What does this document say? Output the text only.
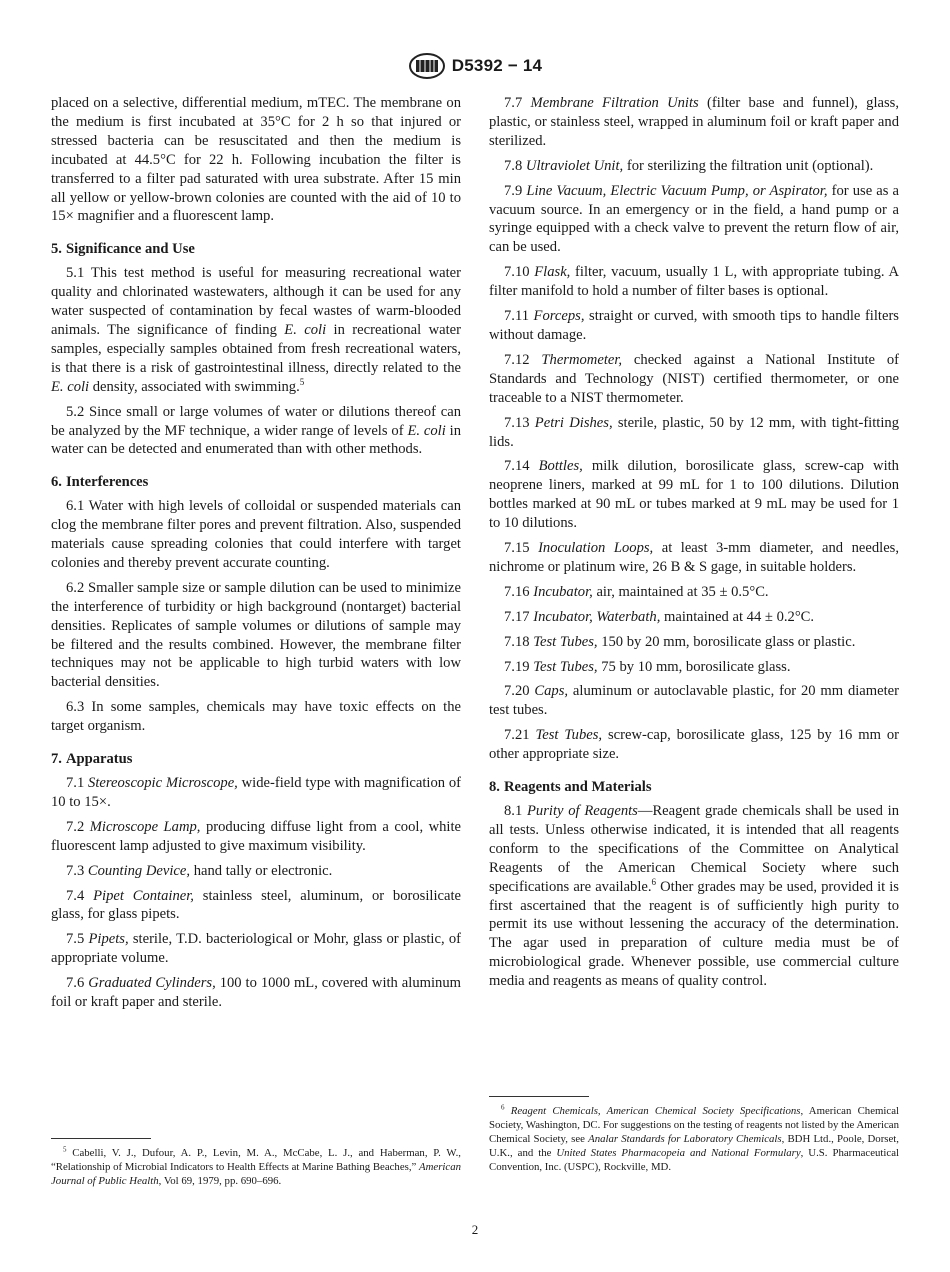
D5392 − 14

placed on a selective, differential medium, mTEC. The membrane on the medium is first incubated at 35°C for 2 h so that injured or stressed bacteria can be resuscitated and then the medium is incubated at 44.5°C for 22 h. Following incubation the filter is transferred to a filter pad saturated with urea substrate. After 15 min all yellow or yellow-brown colonies are counted with the aid of 10 to 15× magnifier and a fluorescent lamp.

5. Significance and Use

5.1 This test method is useful for measuring recreational water quality and chlorinated wastewaters, although it can be used for any water suspected of contamination by fecal wastes of warm-blooded animals. The significance of finding E. coli in recreational water samples, especially samples obtained from fresh recreational waters, is that there is a risk of gastrointestinal illness, directly related to the E. coli density, associated with swimming.$^5$

5.2 Since small or large volumes of water or dilutions thereof can be analyzed by the MF technique, a wider range of levels of E. coli in water can be detected and enumerated than with other methods.

6. Interferences

6.1 Water with high levels of colloidal or suspended materials can clog the membrane filter pores and prevent filtration. Also, suspended materials cause spreading colonies that could interfere with target colonies and thereby prevent accurate counting.

6.2 Smaller sample size or sample dilution can be used to minimize the interference of turbidity or high background (nontarget) bacterial densities. Replicates of sample volumes or dilutions of sample may be filtered and the results combined. However, the membrane filter techniques may not be applicable to high turbid waters with low bacterial densities.

6.3 In some samples, chemicals may have toxic effects on the target organism.

7. Apparatus

7.1 Stereoscopic Microscope, wide-field type with magnification of 10 to 15×.

7.2 Microscope Lamp, producing diffuse light from a cool, white fluorescent lamp adjusted to give maximum visibility.

7.3 Counting Device, hand tally or electronic.

7.4 Pipet Container, stainless steel, aluminum, or borosilicate glass, for glass pipets.

7.5 Pipets, sterile, T.D. bacteriological or Mohr, glass or plastic, of appropriate volume.

7.6 Graduated Cylinders, 100 to 1000 mL, covered with aluminum foil or kraft paper and sterile.

$^5$ Cabelli, V. J., Dufour, A. P., Levin, M. A., McCabe, L. J., and Haberman, P. W., “Relationship of Microbial Indicators to Health Effects at Marine Bathing Beaches,” American Journal of Public Health, Vol 69, 1979, pp. 690–696.

7.7 Membrane Filtration Units (filter base and funnel), glass, plastic, or stainless steel, wrapped in aluminum foil or kraft paper and sterilized.

7.8 Ultraviolet Unit, for sterilizing the filtration unit (optional).

7.9 Line Vacuum, Electric Vacuum Pump, or Aspirator, for use as a vacuum source. In an emergency or in the field, a hand pump or a syringe equipped with a check valve to prevent the return flow of air, can be used.

7.10 Flask, filter, vacuum, usually 1 L, with appropriate tubing. A filter manifold to hold a number of filter bases is optional.

7.11 Forceps, straight or curved, with smooth tips to handle filters without damage.

7.12 Thermometer, checked against a National Institute of Standards and Technology (NIST) certified thermometer, or one traceable to a NIST thermometer.

7.13 Petri Dishes, sterile, plastic, 50 by 12 mm, with tight-fitting lids.

7.14 Bottles, milk dilution, borosilicate glass, screw-cap with neoprene liners, marked at 99 mL for 1 to 100 dilutions. Dilution bottles marked at 90 mL or tubes marked at 9 mL may be used for 1 to 10 dilutions.

7.15 Inoculation Loops, at least 3-mm diameter, and needles, nichrome or platinum wire, 26 B & S gage, in suitable holders.

7.16 Incubator, air, maintained at 35 ± 0.5°C.

7.17 Incubator, Waterbath, maintained at 44 ± 0.2°C.

7.18 Test Tubes, 150 by 20 mm, borosilicate glass or plastic.

7.19 Test Tubes, 75 by 10 mm, borosilicate glass.

7.20 Caps, aluminum or autoclavable plastic, for 20 mm diameter test tubes.

7.21 Test Tubes, screw-cap, borosilicate glass, 125 by 16 mm or other appropriate size.

8. Reagents and Materials

8.1 Purity of Reagents—Reagent grade chemicals shall be used in all tests. Unless otherwise indicated, it is intended that all reagents conform to the specifications of the Committee on Analytical Reagents of the American Chemical Society where such specifications are available.$^6$ Other grades may be used, provided it is first ascertained that the reagent is of sufficiently high purity to permit its use without lessening the accuracy of the determination. The agar used in preparation of culture media must be of microbiological grade. Whenever possible, use commercial culture media and reagents as means of quality control.

$^6$ Reagent Chemicals, American Chemical Society Specifications, American Chemical Society, Washington, DC. For suggestions on the testing of reagents not listed by the American Chemical Society, see Analar Standards for Laboratory Chemicals, BDH Ltd., Poole, Dorset, U.K., and the United States Pharmacopeia and National Formulary, U.S. Pharmaceutical Convention, Inc. (USPC), Rockville, MD.

2
